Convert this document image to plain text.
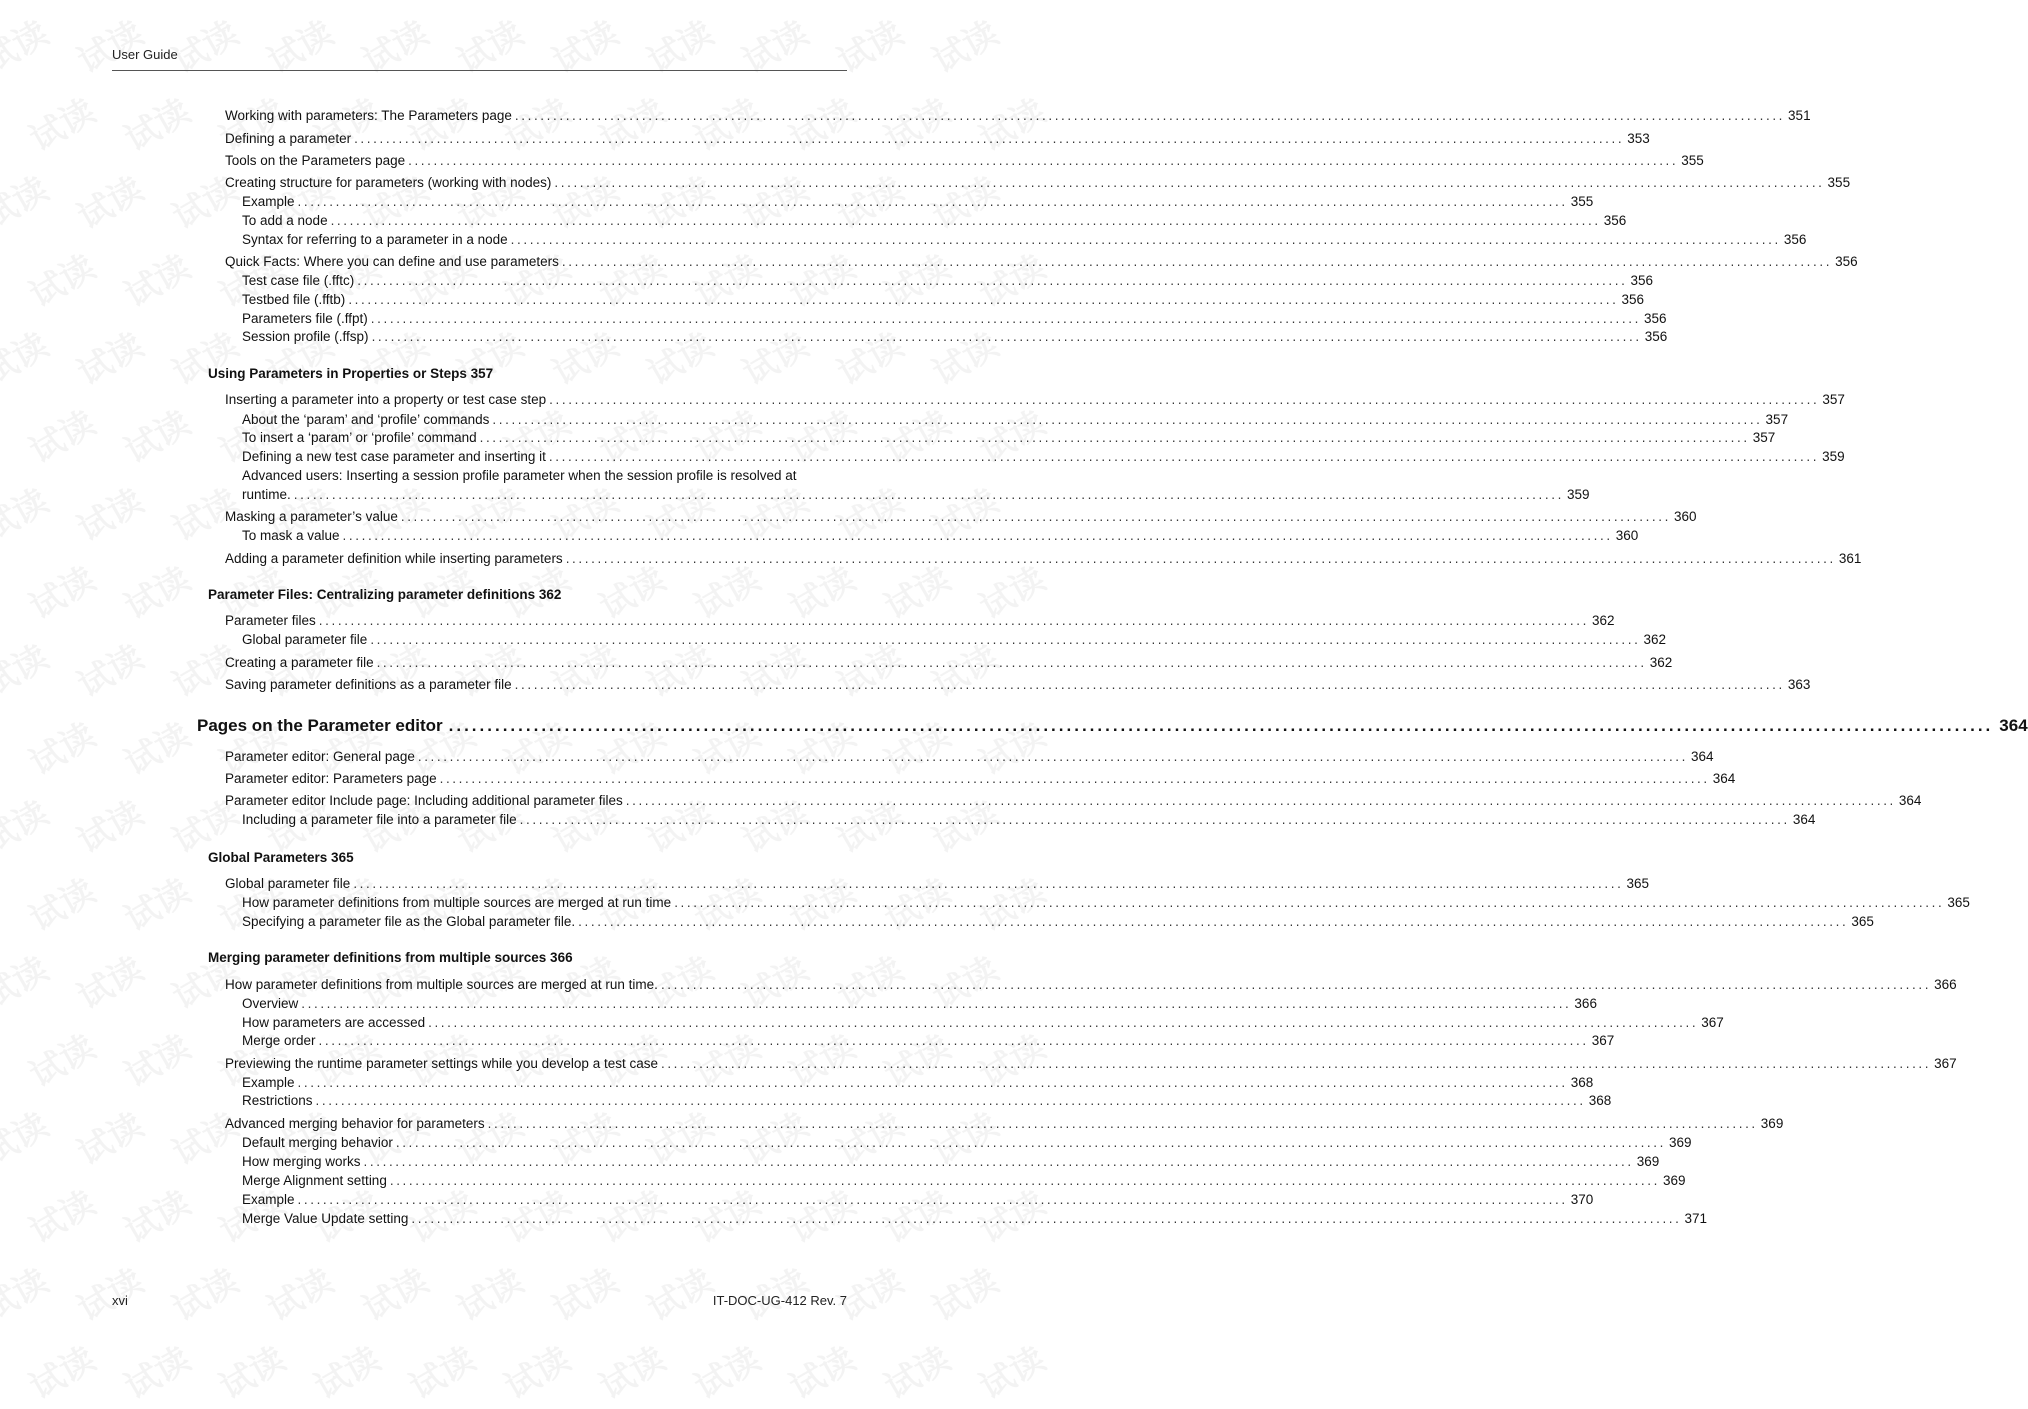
User Guide
Working with parameters: The Parameters page ........................................................................................................................................................................................................ 351
Defining a parameter ........................................................................................................................................................................................................ 353
Tools on the Parameters page ........................................................................................................................................................................................................ 355
Creating structure for parameters (working with nodes) ........................................................................................................................................................................................................ 355
Example ........................................................................................................................................................................................................ 355
To add a node ........................................................................................................................................................................................................ 356
Syntax for referring to a parameter in a node ........................................................................................................................................................................................................ 356
Quick Facts: Where you can define and use parameters ........................................................................................................................................................................................................ 356
Test case file (.fftc) ........................................................................................................................................................................................................ 356
Testbed file (.fftb) ........................................................................................................................................................................................................ 356
Parameters file (.ffpt) ........................................................................................................................................................................................................ 356
Session profile (.ffsp) ........................................................................................................................................................................................................ 356
Using Parameters in Properties or Steps 357
Inserting a parameter into a property or test case step ........................................................................................................................................................................................................ 357
About the ‘param’ and ‘profile’ commands ........................................................................................................................................................................................................ 357
To insert a ‘param’ or ‘profile’ command ........................................................................................................................................................................................................ 357
Defining a new test case parameter and inserting it ........................................................................................................................................................................................................ 359
Advanced users: Inserting a session profile parameter when the session profile is resolved at
runtime. ........................................................................................................................................................................................................ 359
Masking a parameter’s value ........................................................................................................................................................................................................ 360
To mask a value ........................................................................................................................................................................................................ 360
Adding a parameter definition while inserting parameters ........................................................................................................................................................................................................ 361
Parameter Files: Centralizing parameter definitions 362
Parameter files ........................................................................................................................................................................................................ 362
Global parameter file ........................................................................................................................................................................................................ 362
Creating a parameter file ........................................................................................................................................................................................................ 362
Saving parameter definitions as a parameter file ........................................................................................................................................................................................................ 363
Pages on the Parameter editor ........................................................................................................................................................................................................ 364
Parameter editor: General page ........................................................................................................................................................................................................ 364
Parameter editor: Parameters page ........................................................................................................................................................................................................ 364
Parameter editor Include page: Including additional parameter files ........................................................................................................................................................................................................ 364
Including a parameter file into a parameter file ........................................................................................................................................................................................................ 364
Global Parameters 365
Global parameter file ........................................................................................................................................................................................................ 365
How parameter definitions from multiple sources are merged at run time ........................................................................................................................................................................................................ 365
Specifying a parameter file as the Global parameter file. ........................................................................................................................................................................................................ 365
Merging parameter definitions from multiple sources 366
How parameter definitions from multiple sources are merged at run time. ........................................................................................................................................................................................................ 366
Overview ........................................................................................................................................................................................................ 366
How parameters are accessed ........................................................................................................................................................................................................ 367
Merge order ........................................................................................................................................................................................................ 367
Previewing the runtime parameter settings while you develop a test case ........................................................................................................................................................................................................ 367
Example ........................................................................................................................................................................................................ 368
Restrictions ........................................................................................................................................................................................................ 368
Advanced merging behavior for parameters ........................................................................................................................................................................................................ 369
Default merging behavior ........................................................................................................................................................................................................ 369
How merging works ........................................................................................................................................................................................................ 369
Merge Alignment setting ........................................................................................................................................................................................................ 369
Example ........................................................................................................................................................................................................ 370
Merge Value Update setting ........................................................................................................................................................................................................ 371
xvi	IT-DOC-UG-412 Rev. 7
